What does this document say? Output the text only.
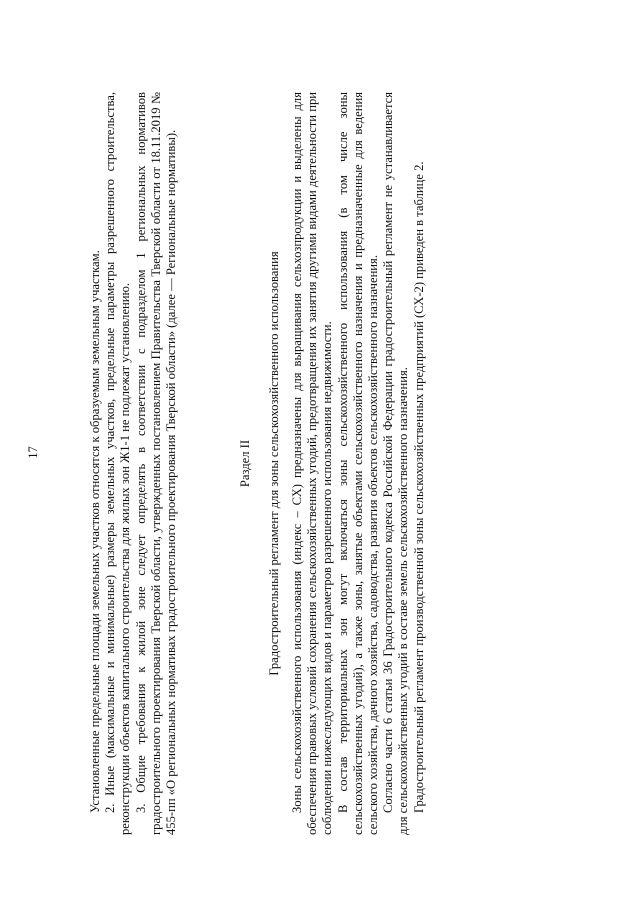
17	Установленные предельные площади земельных участков относятся к образуемым земельным участкам. 2. Иные (максимальные и минимальные) размеры земельных участков, предельные параметры разрешенного строительства, реконструкции объектов капитального строительства для жилых зон Ж1-1 не подлежат установлению. 3. Общие требования к жилой зоне следует определять в соответствии с подразделом 1 региональных нормативов градостроительного проектирования Тверской области, утвержденных постановлением Правительства Тверской области от 18.11.2019 № 455-пп «О региональных нормативах градостроительного проектирования Тверской области» (далее — Региональные нормативы).	Раздел II Градостроительный регламент для зоны сельскохозяйственного использования Зоны сельскохозяйственного использования (индекс – СХ) предназначены для выращивания сельхозпродукции и выделены для обеспечения правовых условий сохранения сельскохозяйственных угодий, предотвращения их занятия другими видами деятельности при соблюдении нижеследующих видов и параметров разрешенного использования недвижимости. В состав территориальных зон могут включаться зоны сельскохозяйственного использования (в том числе зоны сельскохозяйственных угодий), а также зоны, занятые объектами сельскохозяйственного назначения и предназначенные для ведения сельского хозяйства, дачного хозяйства, садоводства, развития объектов сельскохозяйственного назначения. Согласно части 6 статьи 36 Градостроительного кодекса Российской Федерации градостроительный регламент не устанавливается для сельскохозяйственных угодий в составе земель сельскохозяйственного назначения. Градостроительный регламент производственной зоны сельскохозяйственных предприятий (СХ-2) приведен в таблице 2.
